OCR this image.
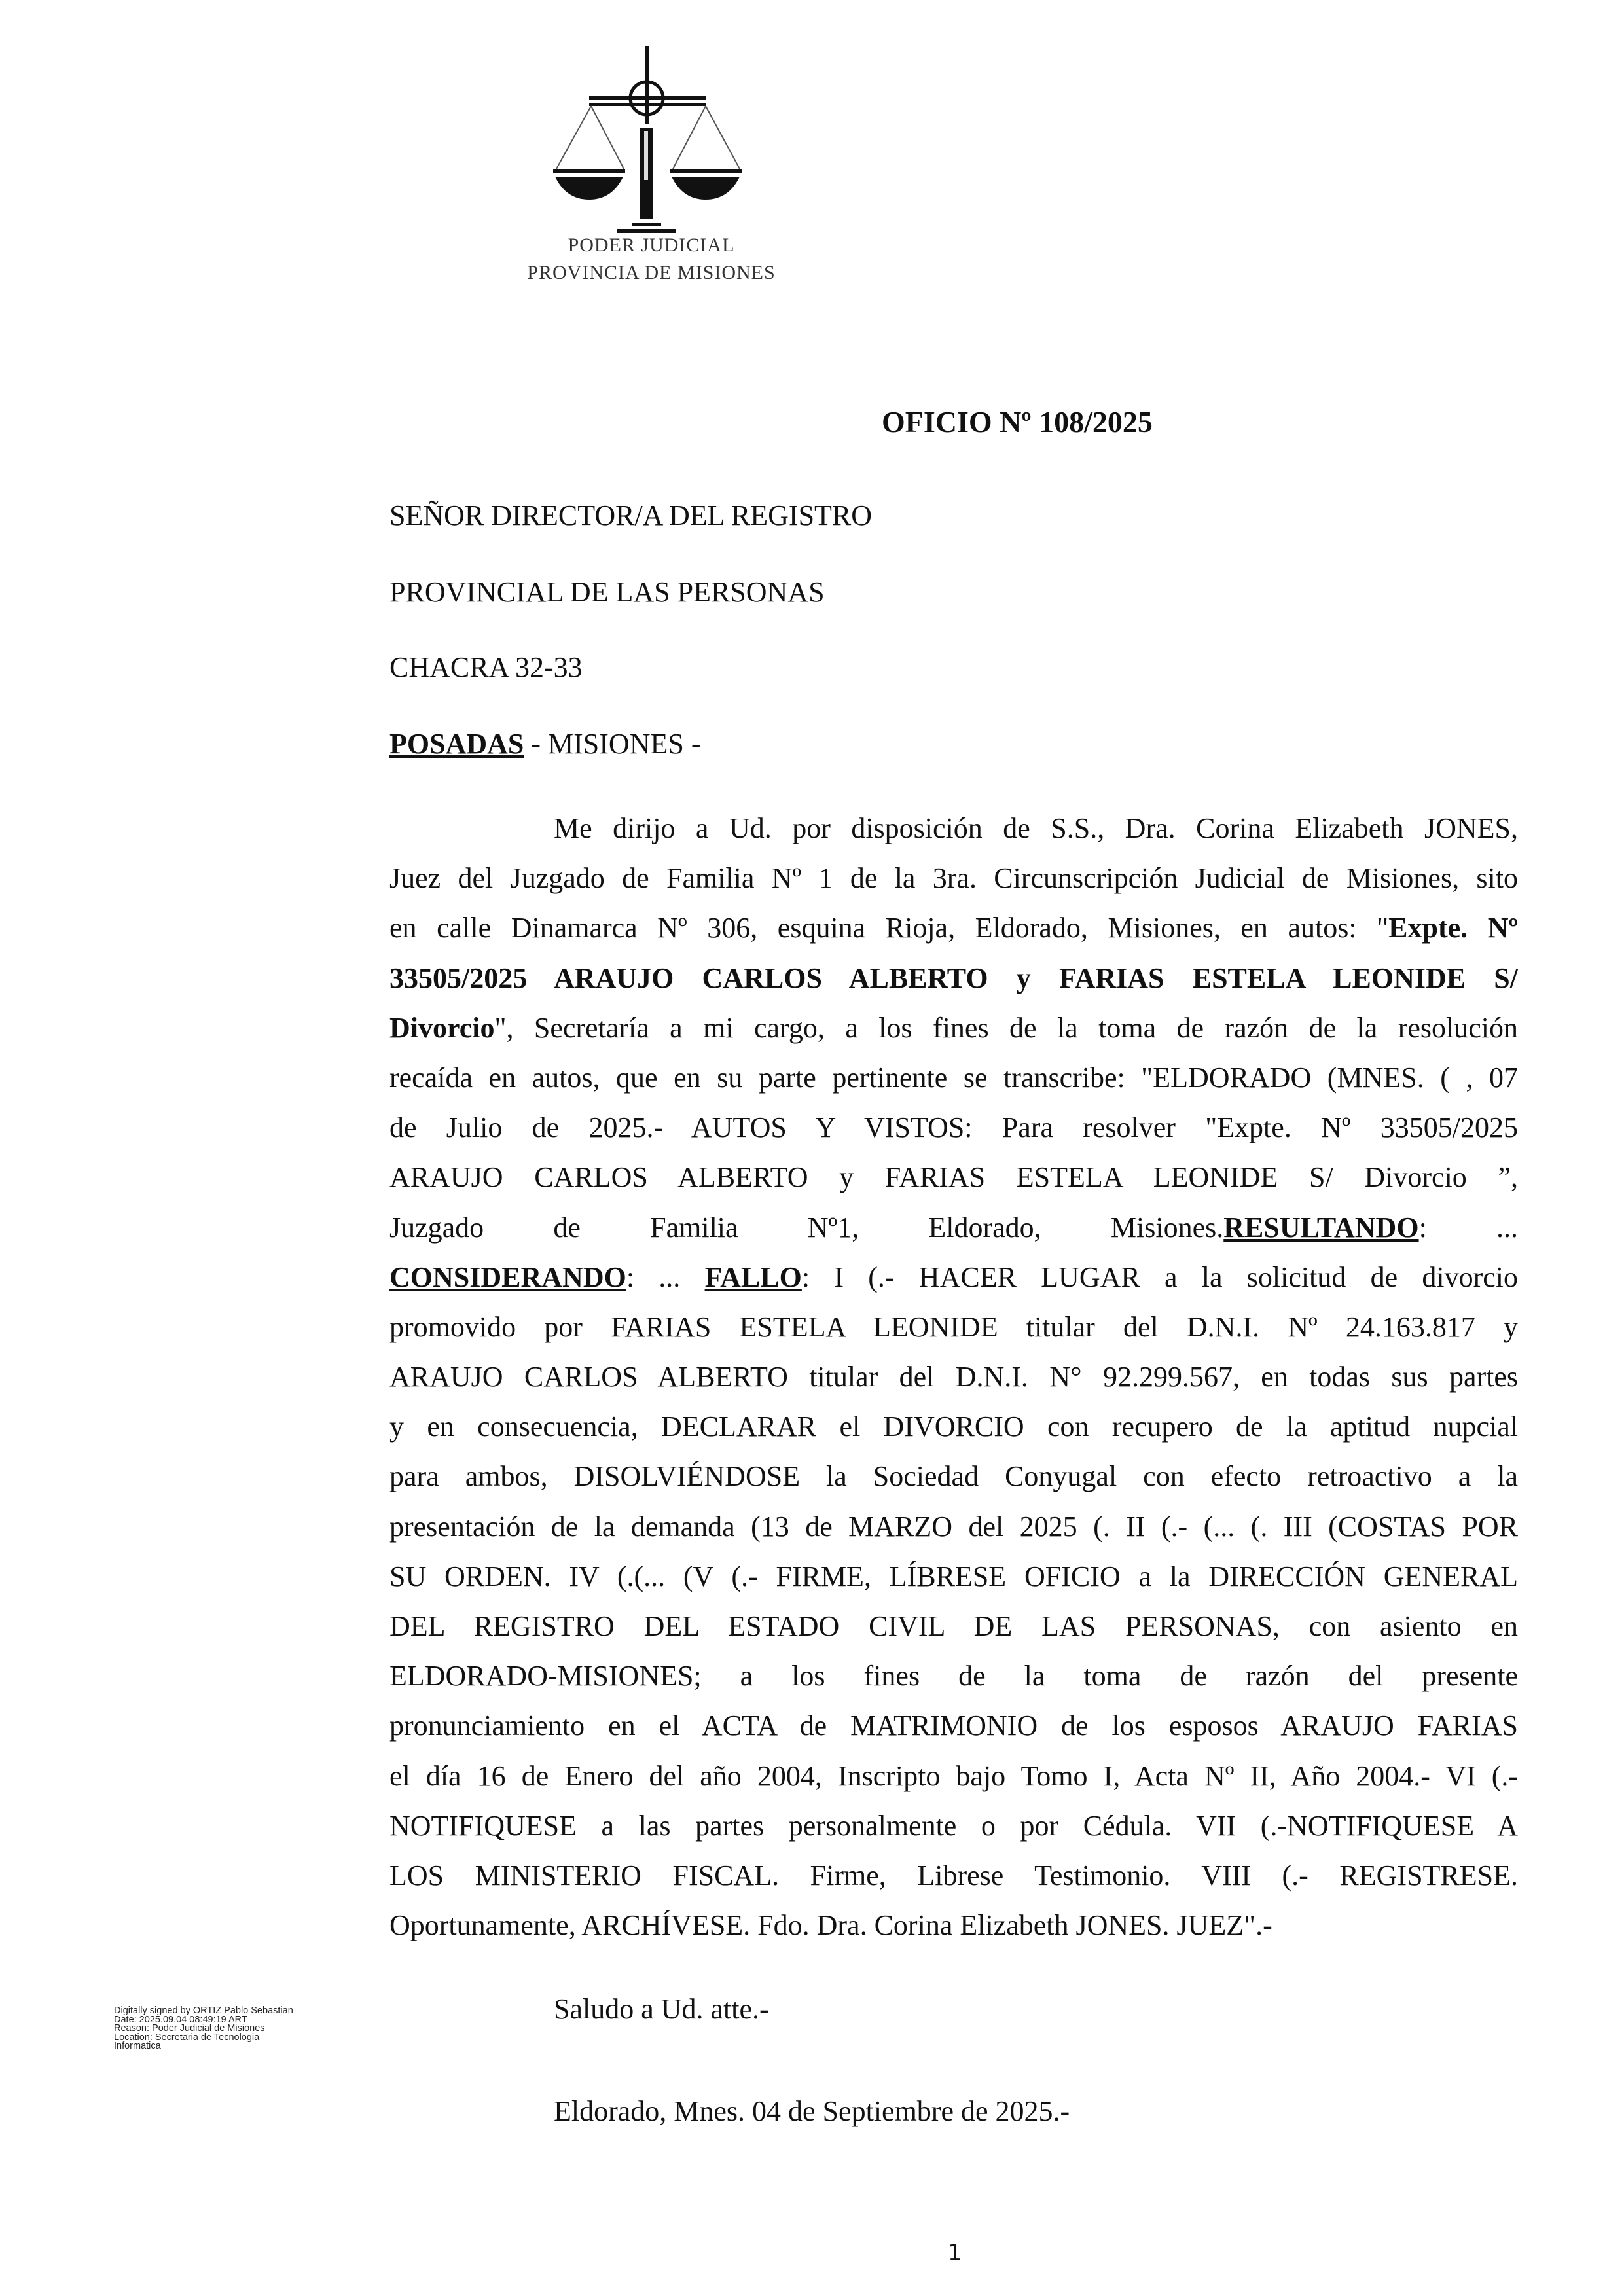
PODER JUDICIAL
PROVINCIA DE MISIONES
OFICIO Nº 108/2025
SEÑOR DIRECTOR/A DEL REGISTRO
PROVINCIAL DE LAS PERSONAS
CHACRA 32-33
POSADAS - MISIONES -
Me dirijo a Ud. por disposición de S.S., Dra. Corina Elizabeth JONES,
Juez del Juzgado de Familia Nº 1 de la 3ra. Circunscripción Judicial de Misiones, sito
en calle Dinamarca Nº 306, esquina Rioja, Eldorado, Misiones, en autos: "Expte. Nº
33505/2025 ARAUJO CARLOS ALBERTO y FARIAS ESTELA LEONIDE S/
Divorcio", Secretaría a mi cargo, a los fines de la toma de razón de la resolución
recaída en autos, que en su parte pertinente se transcribe: "ELDORADO (MNES. ( , 07
de Julio de 2025.- AUTOS Y VISTOS: Para resolver "Expte. Nº 33505/2025
ARAUJO CARLOS ALBERTO y FARIAS ESTELA LEONIDE S/ Divorcio ”,
Juzgado de Familia Nº1, Eldorado, Misiones.RESULTANDO: ...
CONSIDERANDO: ... FALLO: I (.- HACER LUGAR a la solicitud de divorcio
promovido por FARIAS ESTELA LEONIDE titular del D.N.I. Nº 24.163.817 y
ARAUJO CARLOS ALBERTO titular del D.N.I. N° 92.299.567, en todas sus partes
y en consecuencia, DECLARAR el DIVORCIO con recupero de la aptitud nupcial
para ambos, DISOLVIÉNDOSE la Sociedad Conyugal con efecto retroactivo a la
presentación de la demanda (13 de MARZO del 2025 (. II (.- (... (. III (COSTAS POR
SU ORDEN. IV (.(... (V (.- FIRME, LÍBRESE OFICIO a la DIRECCIÓN GENERAL
DEL REGISTRO DEL ESTADO CIVIL DE LAS PERSONAS, con asiento en
ELDORADO-MISIONES; a los fines de la toma de razón del presente
pronunciamiento en el ACTA de MATRIMONIO de los esposos ARAUJO FARIAS
el día 16 de Enero del año 2004, Inscripto bajo Tomo I, Acta Nº II, Año 2004.- VI (.-
NOTIFIQUESE a las partes personalmente o por Cédula. VII (.-NOTIFIQUESE A
LOS MINISTERIO FISCAL. Firme, Librese Testimonio. VIII (.- REGISTRESE.
Oportunamente, ARCHÍVESE. Fdo. Dra. Corina Elizabeth JONES. JUEZ".-
Digitally signed by ORTIZ Pablo Sebastian
Date: 2025.09.04 08:49:19 ART
Reason: Poder Judicial de Misiones
Location: Secretaria de Tecnologia
Informatica
Saludo a Ud. atte.-
Eldorado, Mnes. 04 de Septiembre de 2025.-
1
